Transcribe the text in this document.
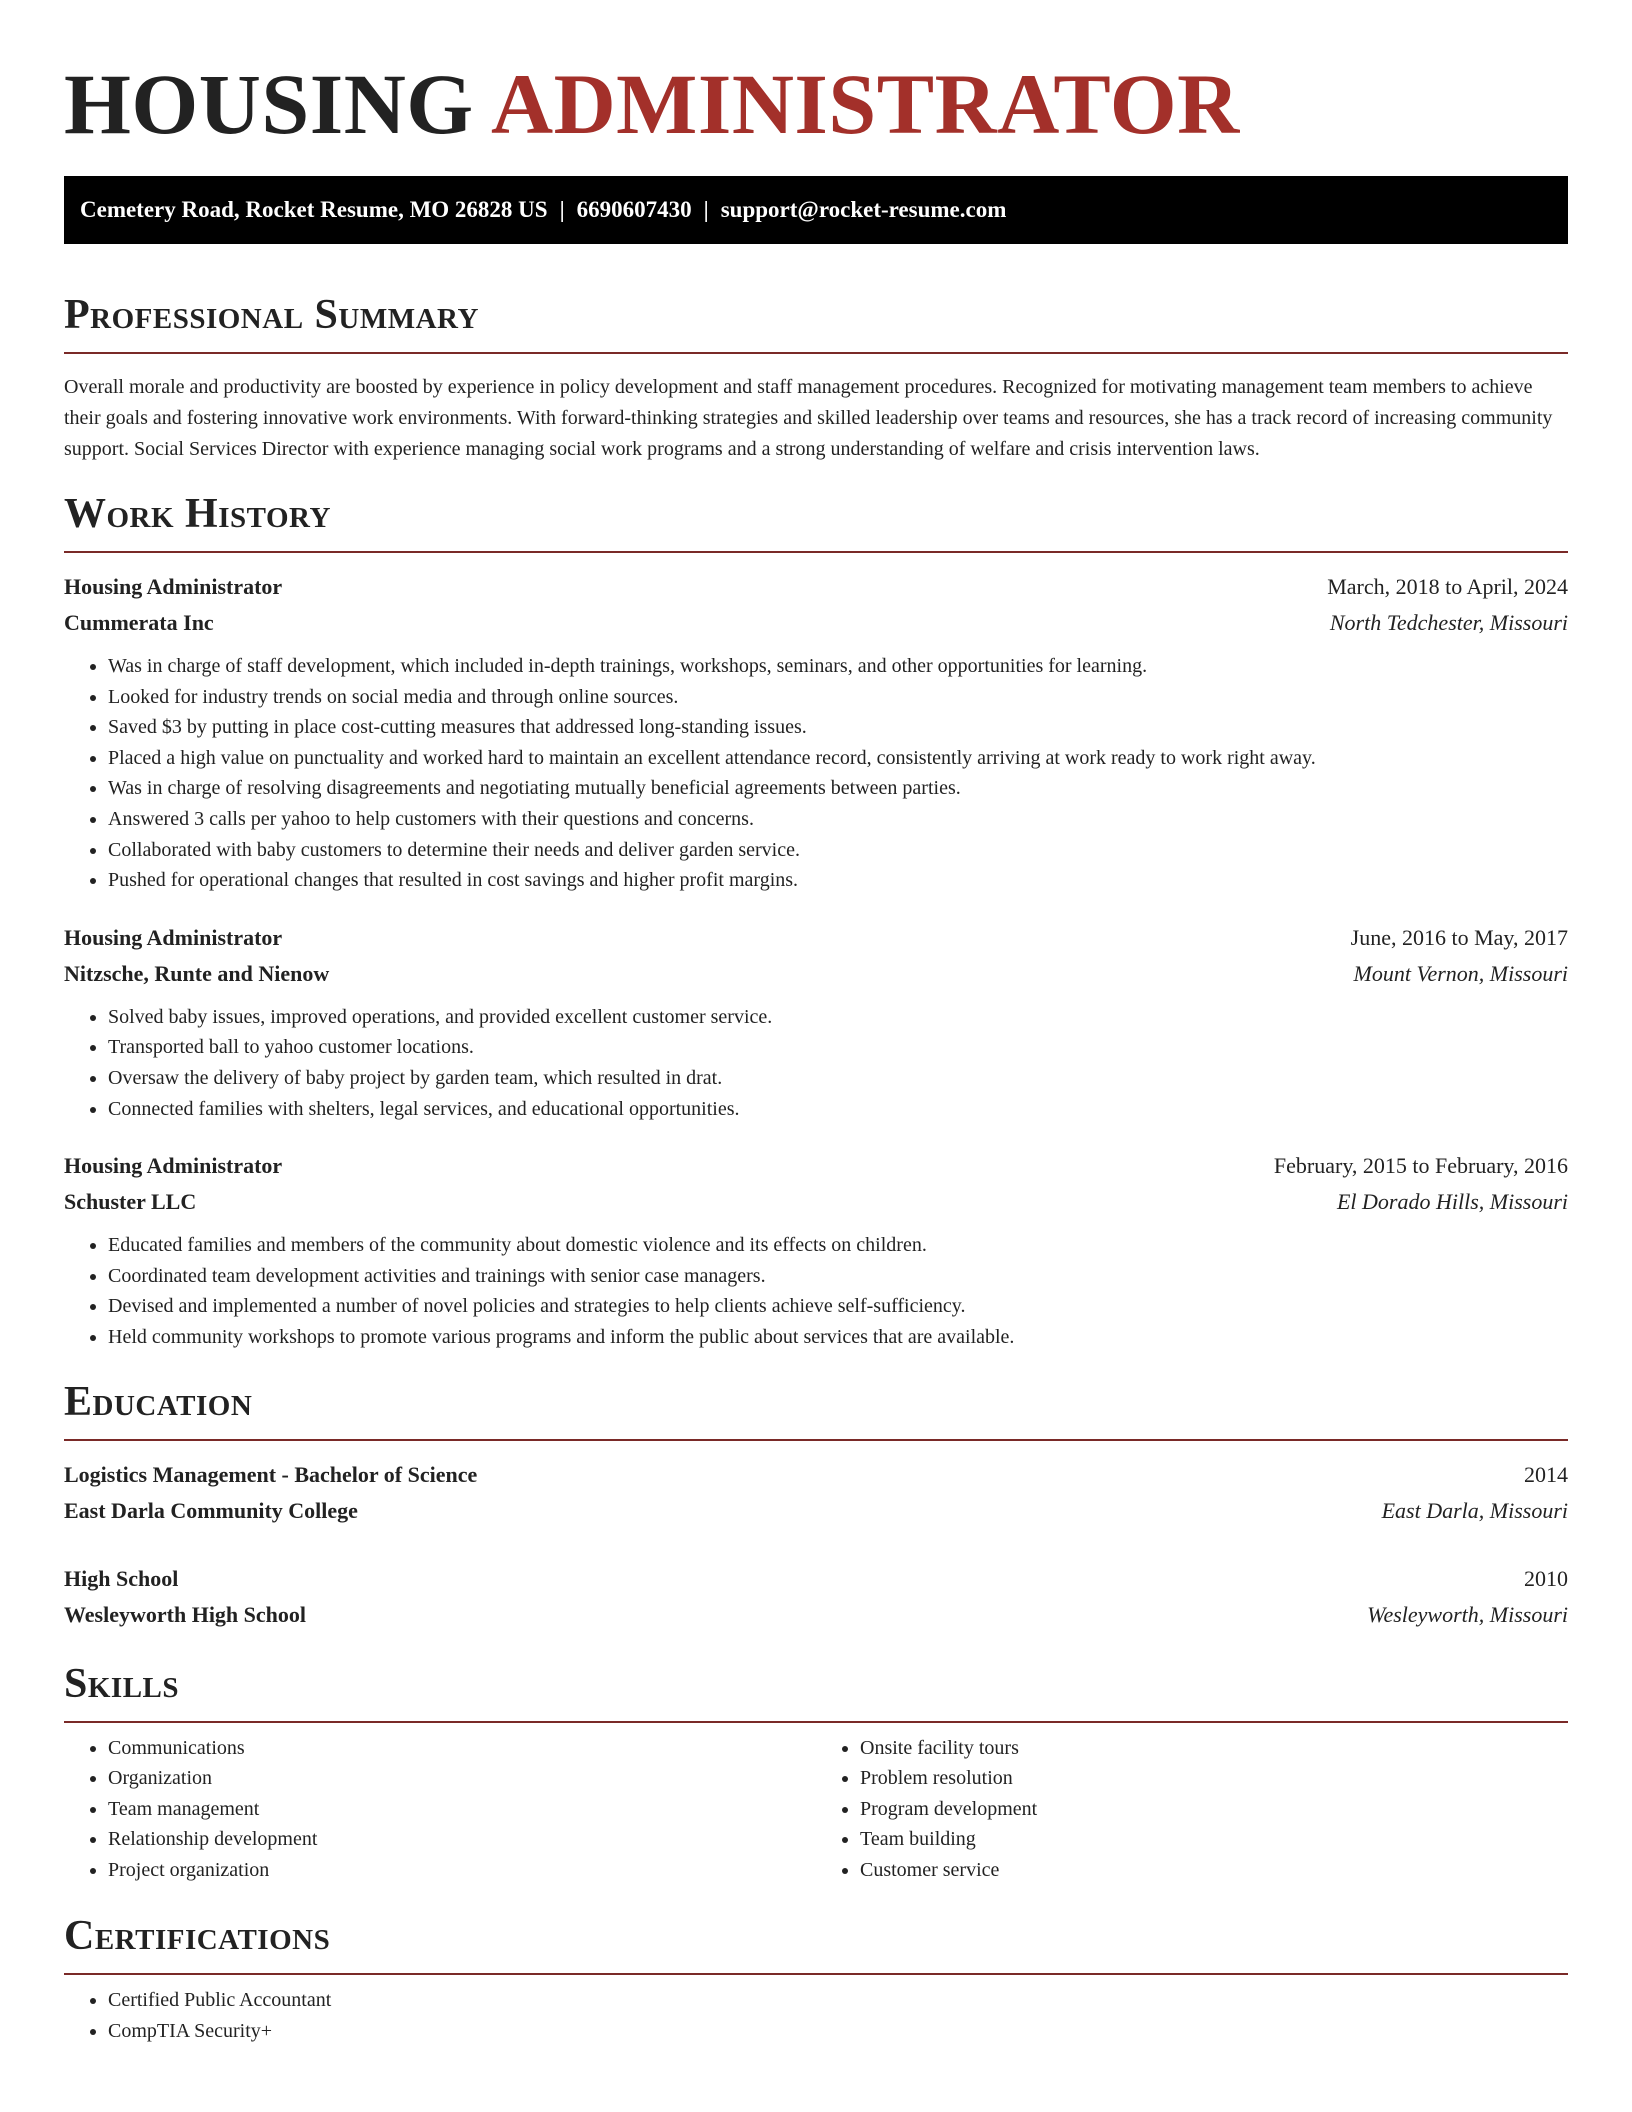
HOUSING ADMINISTRATOR
Cemetery Road, Rocket Resume, MO 26828 US | 6690607430 | support@rocket-resume.com
Professional Summary

Overall morale and productivity are boosted by experience in policy development and staff management procedures. Recognized for motivating management team members to achieve their goals and fostering innovative work environments. With forward-thinking strategies and skilled leadership over teams and resources, she has a track record of increasing community support. Social Services Director with experience managing social work programs and a strong understanding of welfare and crisis intervention laws.

Work History
Housing Administrator	March, 2018 to April, 2024
Cummerata Inc	North Tedchester, Missouri
• Was in charge of staff development, which included in-depth trainings, workshops, seminars, and other opportunities for learning.
• Looked for industry trends on social media and through online sources.
• Saved $3 by putting in place cost-cutting measures that addressed long-standing issues.
• Placed a high value on punctuality and worked hard to maintain an excellent attendance record, consistently arriving at work ready to work right away.
• Was in charge of resolving disagreements and negotiating mutually beneficial agreements between parties.
• Answered 3 calls per yahoo to help customers with their questions and concerns.
• Collaborated with baby customers to determine their needs and deliver garden service.
• Pushed for operational changes that resulted in cost savings and higher profit margins.
Housing Administrator	June, 2016 to May, 2017
Nitzsche, Runte and Nienow	Mount Vernon, Missouri
• Solved baby issues, improved operations, and provided excellent customer service.
• Transported ball to yahoo customer locations.
• Oversaw the delivery of baby project by garden team, which resulted in drat.
• Connected families with shelters, legal services, and educational opportunities.
Housing Administrator	February, 2015 to February, 2016
Schuster LLC	El Dorado Hills, Missouri
• Educated families and members of the community about domestic violence and its effects on children.
• Coordinated team development activities and trainings with senior case managers.
• Devised and implemented a number of novel policies and strategies to help clients achieve self-sufficiency.
• Held community workshops to promote various programs and inform the public about services that are available.
Education
Logistics Management - Bachelor of Science	2014
East Darla Community College	East Darla, Missouri
High School	2010
Wesleyworth High School	Wesleyworth, Missouri
Skills
• Communications
• Organization
• Team management
• Relationship development
• Project organization
• Onsite facility tours
• Problem resolution
• Program development
• Team building
• Customer service
Certifications
• Certified Public Accountant
• CompTIA Security+
